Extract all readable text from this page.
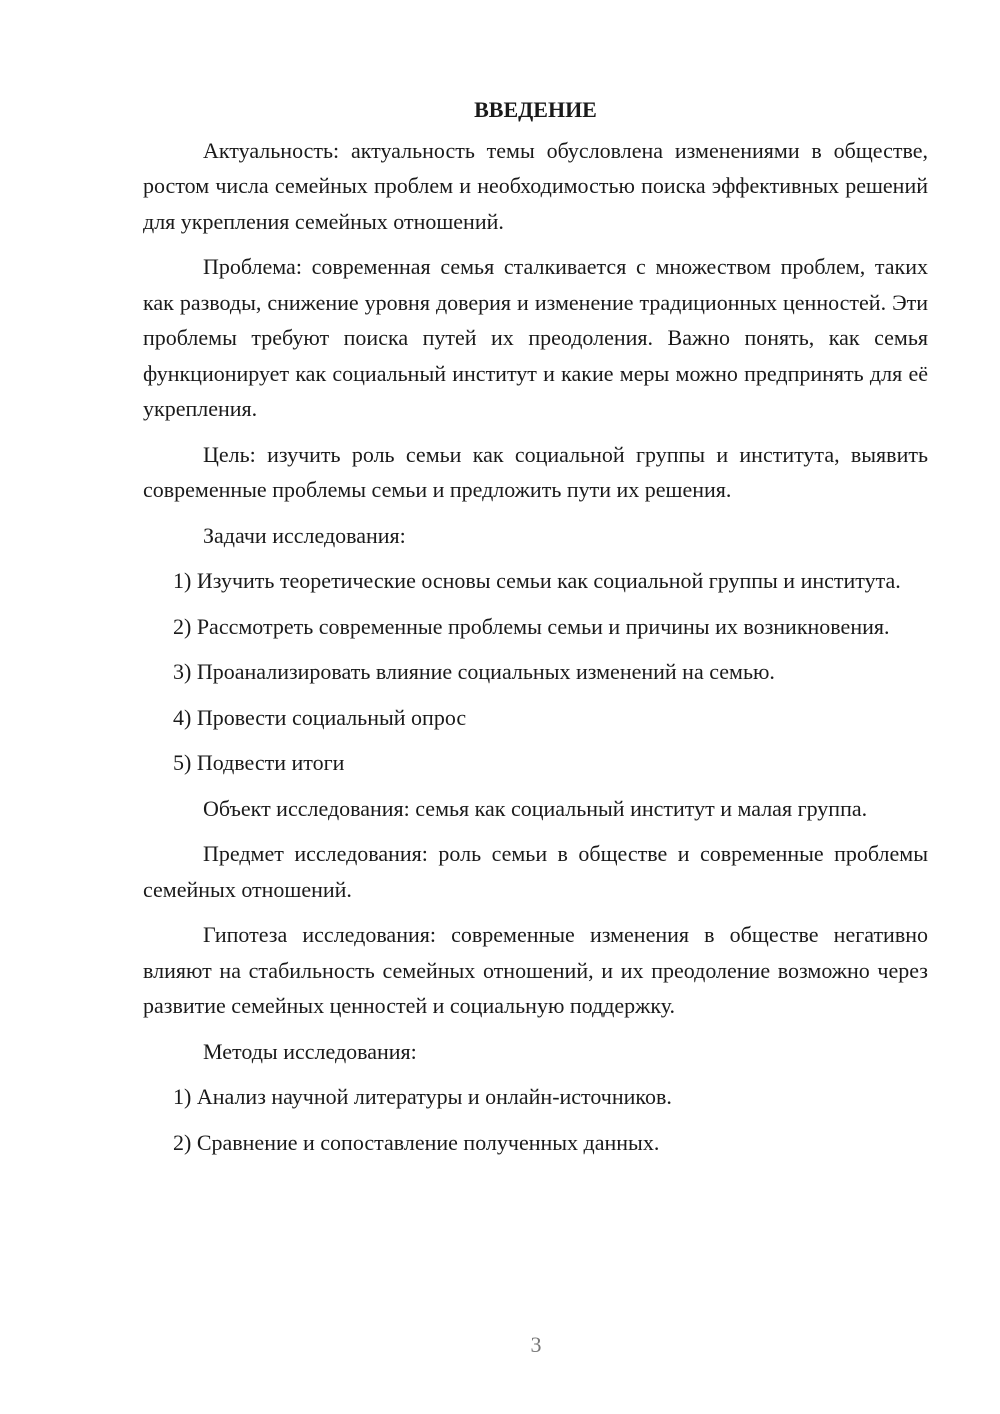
ВВЕДЕНИЕ

Актуальность: актуальность темы обусловлена изменениями в обществе, ростом числа семейных проблем и необходимостью поиска эффективных решений для укрепления семейных отношений.

Проблема: современная семья сталкивается с множеством проблем, таких как разводы, снижение уровня доверия и изменение традиционных ценностей. Эти проблемы требуют поиска путей их преодоления. Важно понять, как семья функционирует как социальный институт и какие меры можно предпринять для её укрепления.

Цель: изучить роль семьи как социальной группы и института, выявить современные проблемы семьи и предложить пути их решения.

Задачи исследования:

1) Изучить теоретические основы семьи как социальной группы и института.

2) Рассмотреть современные проблемы семьи и причины их возникновения.

3) Проанализировать влияние социальных изменений на семью.

4) Провести социальный опрос

5) Подвести итоги

Объект исследования: семья как социальный институт и малая группа.

Предмет исследования: роль семьи в обществе и современные проблемы семейных отношений.

Гипотеза исследования: современные изменения в обществе негативно влияют на стабильность семейных отношений, и их преодоление возможно через развитие семейных ценностей и социальную поддержку.

Методы исследования:

1) Анализ научной литературы и онлайн-источников.

2) Сравнение и сопоставление полученных данных.

3
